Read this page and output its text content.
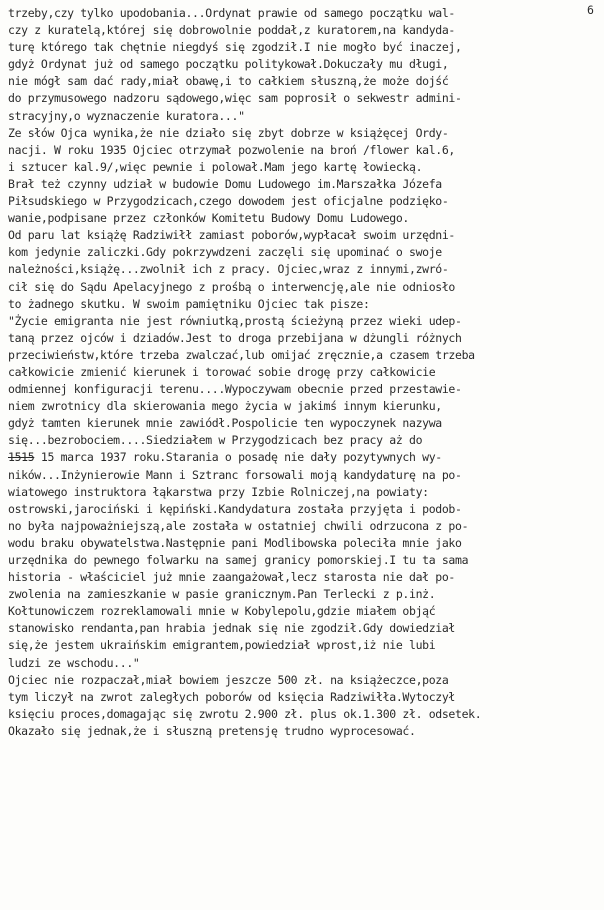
6
trzeby,czy tylko upodobania...Ordynat prawie od samego początku wal-
czy z kuratelą,której się dobrowolnie poddał,z kuratorem,na kandyda-
turę którego tak chętnie niegdyś się zgodził.I nie mogło być inaczej,
gdyż Ordynat już od samego początku politykował.Dokuczały mu długi,
nie mógł sam dać rady,miał obawę,i to całkiem słuszną,że może dojść
do przymusowego nadzoru sądowego,więc sam poprosił o sekwestr admini-
stracyjny,o wyznaczenie kuratora..."
Ze słów Ojca wynika,że nie działo się zbyt dobrze w książęcej Ordy-
nacji. W roku 1935 Ojciec otrzymał pozwolenie na broń /flower kal.6,
i sztucer kal.9/,więc pewnie i polował.Mam jego kartę łowiecką.
Brał też czynny udział w budowie Domu Ludowego im.Marszałka Józefa
Piłsudskiego w Przygodzicach,czego dowodem jest oficjalne podzięko-
wanie,podpisane przez członków Komitetu Budowy Domu Ludowego.
Od paru lat książę Radziwiłł zamiast poborów,wypłacał swoim urzędni-
kom jedynie zaliczki.Gdy pokrzywdzeni zaczęli się upominać o swoje
należności,książę...zwolnił ich z pracy. Ojciec,wraz z innymi,zwró-
cił się do Sądu Apelacyjnego z prośbą o interwencję,ale nie odniosło
to żadnego skutku. W swoim pamiętniku Ojciec tak pisze:
"Życie emigranta nie jest równiutką,prostą ścieżyną przez wieki udep-
taną przez ojców i dziadów.Jest to droga przebijana w dżungli różnych
przeciwieństw,które trzeba zwalczać,lub omijać zręcznie,a czasem trzeba
całkowicie zmienić kierunek i torować sobie drogę przy całkowicie
odmiennej konfiguracji terenu....Wypoczywam obecnie przed przestawie-
niem zwrotnicy dla skierowania mego życia w jakimś innym kierunku,
gdyż tamten kierunek mnie zawiódł.Pospolicie ten wypoczynek nazywa
się...bezrobociem....Siedziałem w Przygodzicach bez pracy aż do
1515 15 marca 1937 roku.Starania o posadę nie dały pozytywnych wy-
ników...Inżynierowie Mann i Sztranc forsowali moją kandydaturę na po-
wiatowego instruktora łąkarstwa przy Izbie Rolniczej,na powiaty:
ostrowski,jarociński i kępiński.Kandydatura została przyjęta i podob-
no była najpoważniejszą,ale została w ostatniej chwili odrzucona z po-
wodu braku obywatelstwa.Następnie pani Modlibowska poleciła mnie jako
urzędnika do pewnego folwarku na samej granicy pomorskiej.I tu ta sama
historia - właściciel już mnie zaangażował,lecz starosta nie dał po-
zwolenia na zamieszkanie w pasie granicznym.Pan Terlecki z p.inż.
Kołtunowiczem rozreklamowali mnie w Kobylepolu,gdzie miałem objąć
stanowisko rendanta,pan hrabia jednak się nie zgodził.Gdy dowiedział
się,że jestem ukraińskim emigrantem,powiedział wprost,iż nie lubi
ludzi ze wschodu..."
Ojciec nie rozpaczał,miał bowiem jeszcze 500 zł. na książeczce,poza
tym liczył na zwrot zaległych poborów od księcia Radziwiłła.Wytoczył
księciu proces,domagając się zwrotu 2.900 zł. plus ok.1.300 zł. odsetek.
Okazało się jednak,że i słuszną pretensję trudno wyprocesować.
